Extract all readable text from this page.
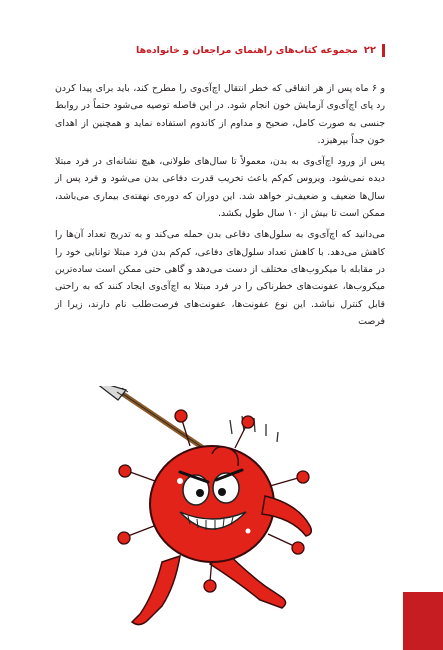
۲۲
مجموعه کتاب‌های راهنمای مراجعان و خانواده‌ها

و ۶ ماه پس از هر اتفاقی که خطر انتقال اچ‌آی‌وی را مطرح کند، باید برای پیدا کردن رد پای اچ‌آی‌وی آزمایش خون انجام شود. در این فاصله توصیه می‌شود حتماً در روابط جنسی به صورت کامل، صحیح و مداوم از کاندوم استفاده نماید و همچنین از اهدای خون جداً بپرهیزد.

پس از ورود اچ‌آی‌وی به بدن، معمولاً تا سال‌های طولانی، هیچ نشانه‌ای در فرد مبتلا دیده نمی‌شود. ویروس کم‌کم باعث تخریب قدرت دفاعی بدن می‌شود و فرد پس از سال‌ها ضعیف و ضعیف‌تر خواهد شد. این دوران که دوره‌ی نهفته‌ی بیماری می‌باشد، ممکن است تا بیش از ۱۰ سال طول بکشد.

می‌دانید که اچ‌آی‌وی به سلول‌های دفاعی بدن حمله می‌کند و به تدریج تعداد آن‌ها را کاهش می‌دهد. با کاهش تعداد سلول‌های دفاعی، کم‌کم بدن فرد مبتلا توانایی خود را در مقابله با میکروب‌های مختلف از دست می‌دهد و گاهی حتی ممکن است ساده‌ترین میکروب‌ها، عفونت‌های خطرناکی را در فرد مبتلا به اچ‌آی‌وی ایجاد کنند که به راحتی قابل کنترل نباشد. این نوع عفونت‌ها، عفونت‌های فرصت‌طلب نام دارند، زیرا از فرصت
